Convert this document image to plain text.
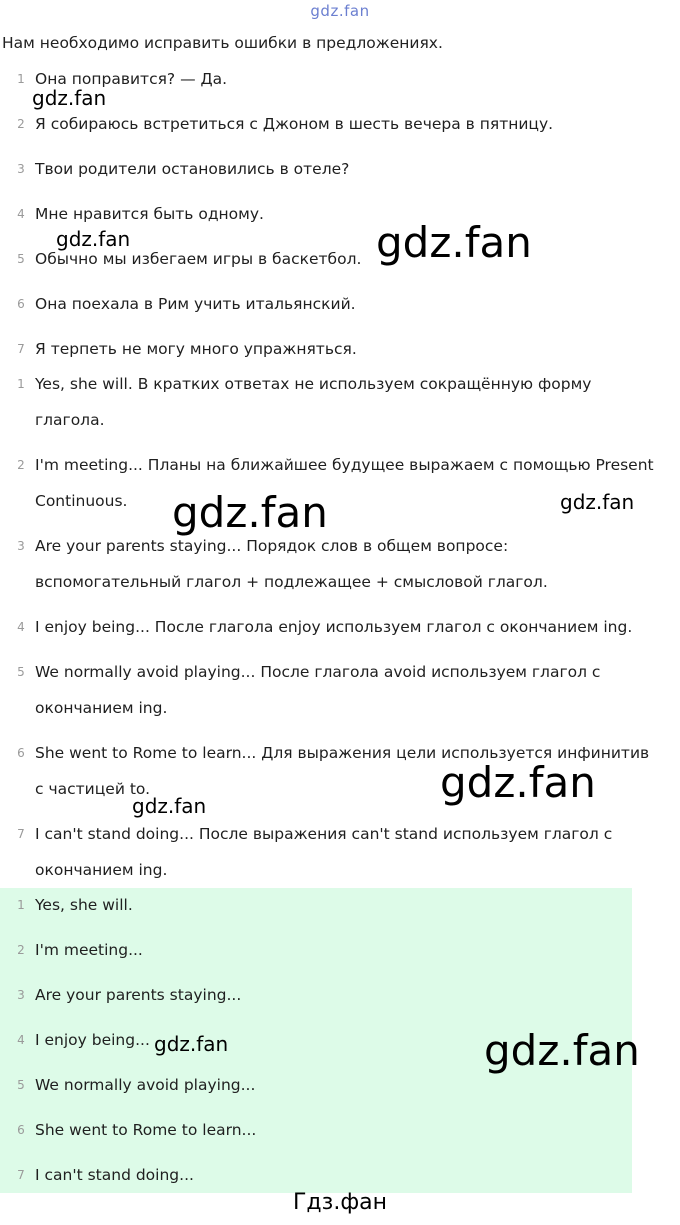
gdz.fan
Нам необходимо исправить ошибки в предложениях.
1 Она поправится? — Да.
2 Я собираюсь встретиться с Джоном в шесть вечера в пятницу.
3 Твои родители остановились в отеле?
4 Мне нравится быть одному.
5 Обычно мы избегаем игры в баскетбол.
6 Она поехала в Рим учить итальянский.
7 Я терпеть не могу много упражняться.
1 Yes, she will. В кратких ответах не используем сокращённую форму
глагола.
2 I'm meeting... Планы на ближайшее будущее выражаем с помощью Present
Continuous.
3 Are your parents staying... Порядок слов в общем вопросе:
вспомогательный глагол + подлежащее + смысловой глагол.
4 I enjoy being... После глагола enjoy используем глагол с окончанием ing.
5 We normally avoid playing... После глагола avoid используем глагол с
окончанием ing.
6 She went to Rome to learn... Для выражения цели используется инфинитив
с частицей to.
7 I can't stand doing... После выражения can't stand используем глагол с
окончанием ing.
1 Yes, she will.
2 I'm meeting...
3 Are your parents staying...
4 I enjoy being...
5 We normally avoid playing...
6 She went to Rome to learn...
7 I can't stand doing...
gdz.fan
gdz.fan	gdz.fan
gdz.fan	gdz.fan
gdz.fan
gdz.fan
gdz.fan	gdz.fan
Гдз.фан
